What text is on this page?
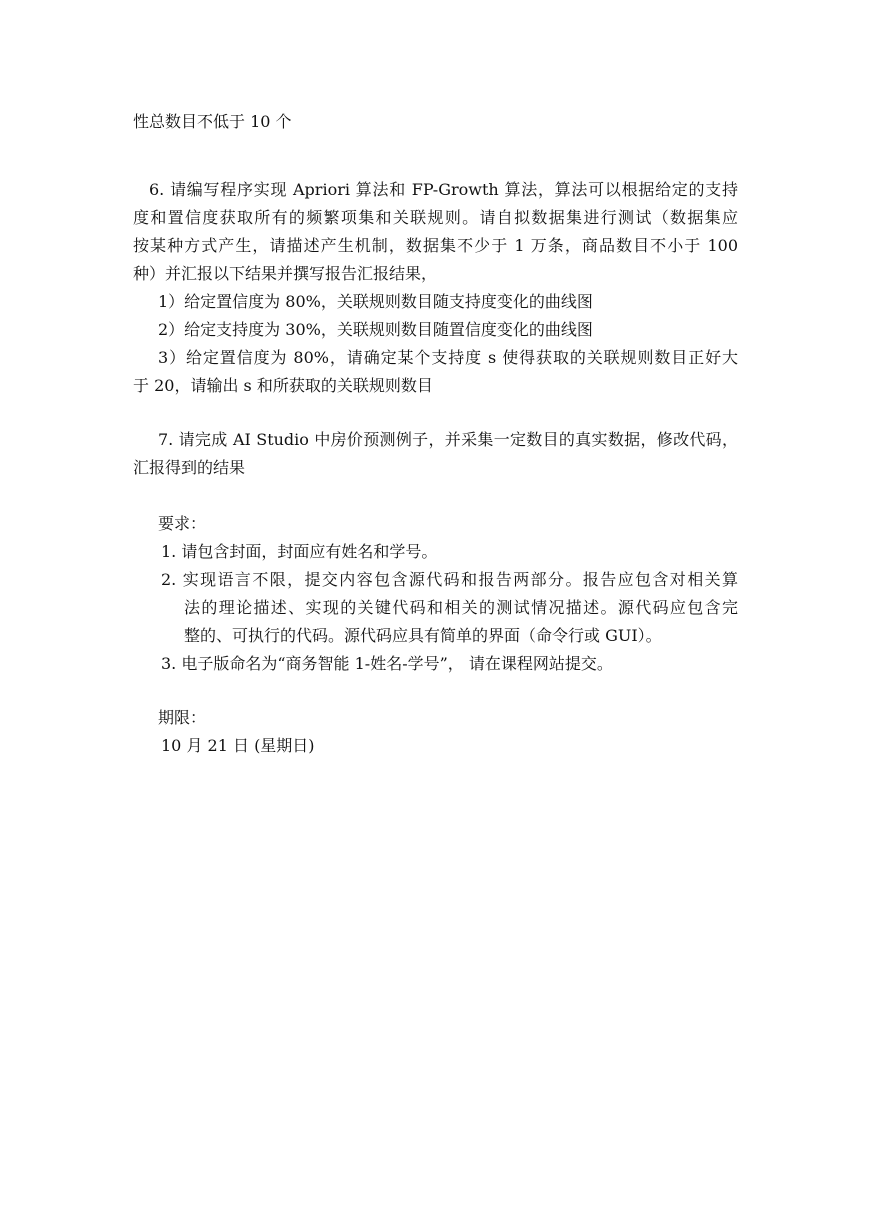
性总数目不低于 10 个
6. 请编写程序实现 Apriori 算法和 FP-Growth 算法，算法可以根据给定的支持
度和置信度获取所有的频繁项集和关联规则。请自拟数据集进行测试（数据集应
按某种方式产生，请描述产生机制，数据集不少于 1 万条，商品数目不小于 100
种）并汇报以下结果并撰写报告汇报结果，
1）给定置信度为 80%，关联规则数目随支持度变化的曲线图
2）给定支持度为 30%，关联规则数目随置信度变化的曲线图
3）给定置信度为 80%，请确定某个支持度 s 使得获取的关联规则数目正好大
于 20，请输出 s 和所获取的关联规则数目
7. 请完成 AI Studio 中房价预测例子，并采集一定数目的真实数据，修改代码，
汇报得到的结果
要求：
1. 请包含封面，封面应有姓名和学号。
2. 实现语言不限，提交内容包含源代码和报告两部分。报告应包含对相关算
法的理论描述、实现的关键代码和相关的测试情况描述。源代码应包含完
整的、可执行的代码。源代码应具有简单的界面（命令行或 GUI）。
3. 电子版命名为“商务智能 1-姓名-学号”， 请在课程网站提交。
期限：
10 月 21 日 (星期日)
